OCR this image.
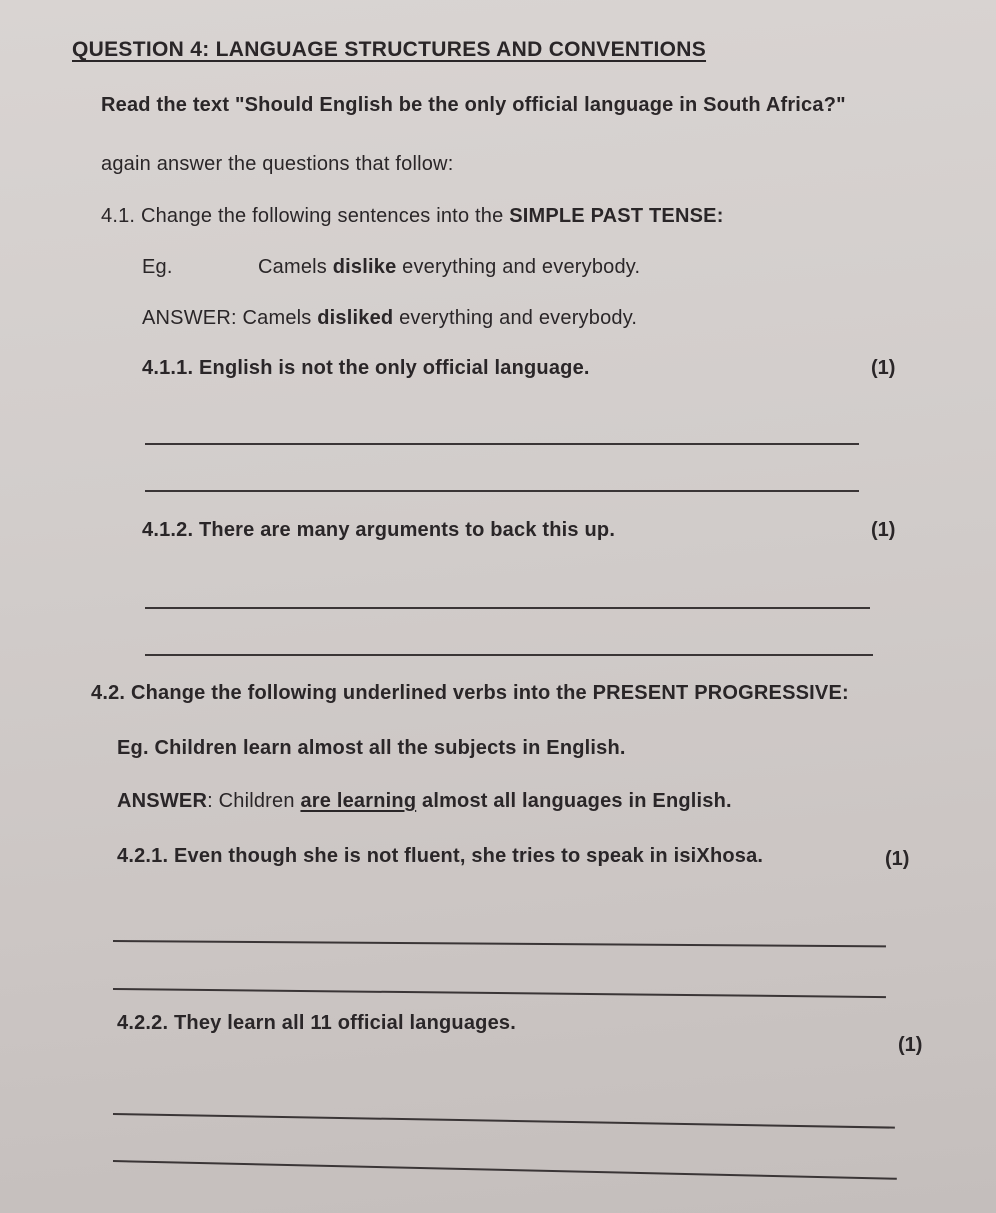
QUESTION 4: LANGUAGE STRUCTURES AND CONVENTIONS
Read the text "Should English be the only official language in South Africa?"
again answer the questions that follow:
4.1. Change the following sentences into the SIMPLE PAST TENSE:
Eg.	Camels dislike everything and everybody.
ANSWER: Camels disliked everything and everybody.
4.1.1. English is not the only official language.	(1)
4.1.2. There are many arguments to back this up.	(1)
4.2. Change the following underlined verbs into the PRESENT PROGRESSIVE:
Eg. Children learn almost all the subjects in English.
ANSWER: Children are learning almost all languages in English.
4.2.1. Even though she is not fluent, she tries to speak in isiXhosa.	(1)
4.2.2. They learn all 11 official languages.
(1)
